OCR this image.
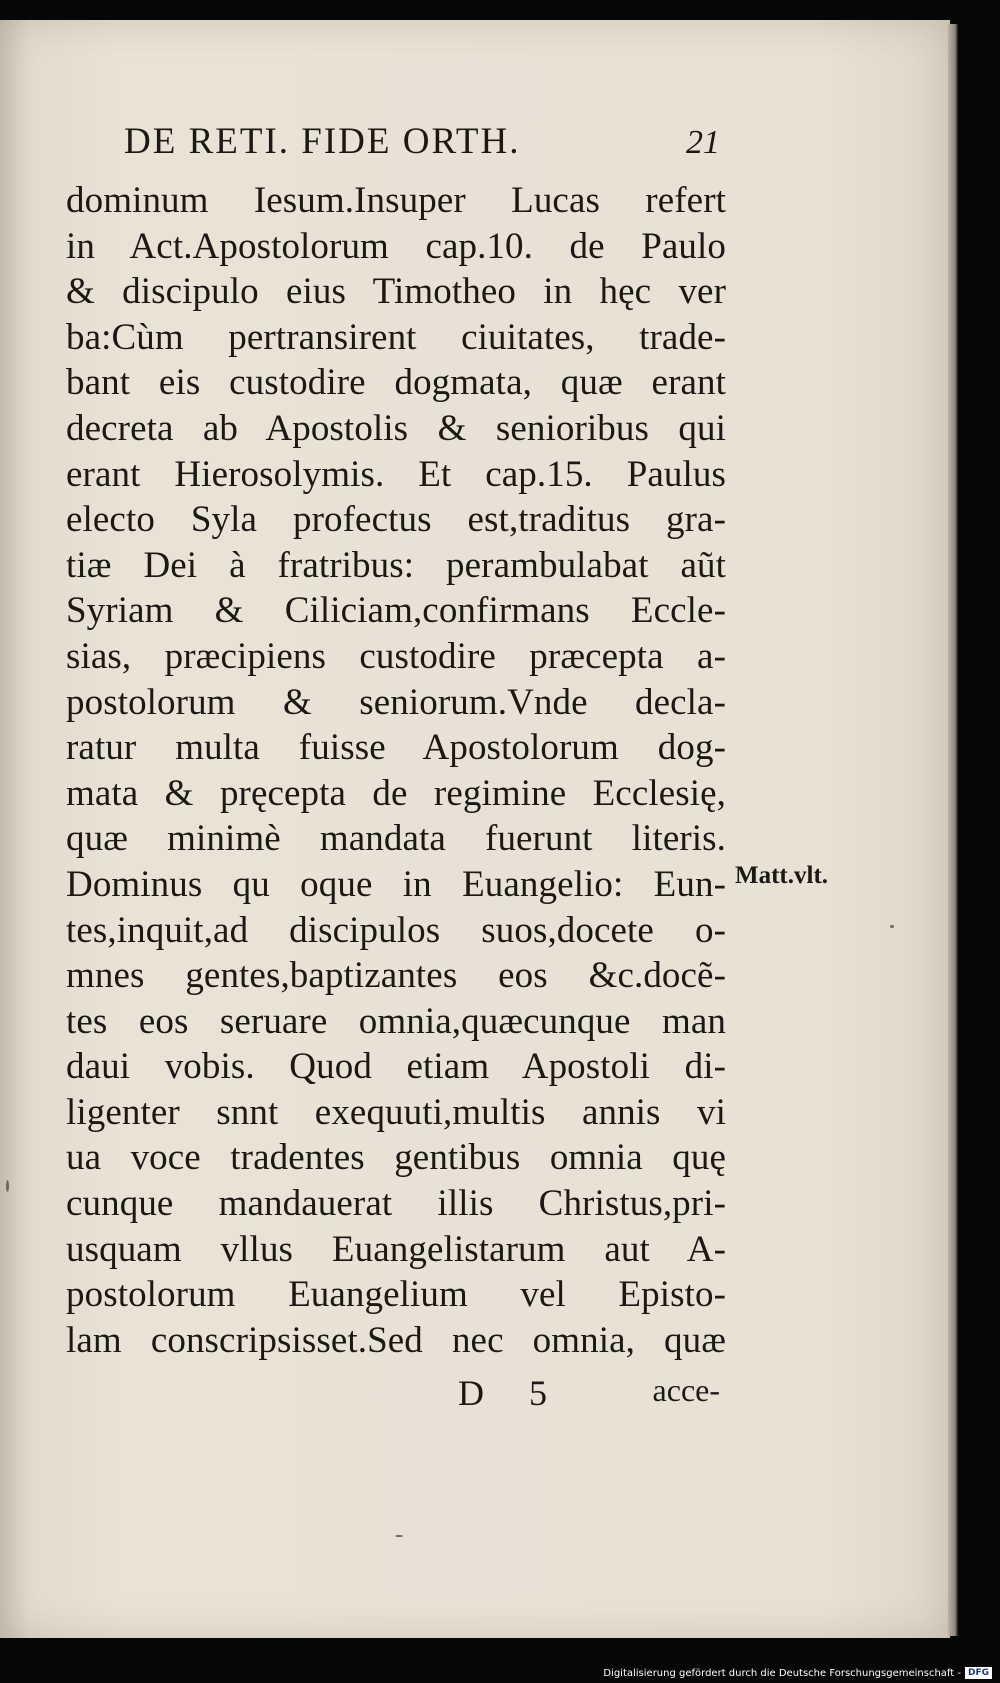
DE RETI. FIDE ORTH.	21
dominum Iesum.Insuper Lucas refert
in Act.Apostolorum cap.10. de Paulo
& discipulo eius Timotheo in hęc ver
ba:Cùm pertransirent ciuitates, trade-
bant eis custodire dogmata, quæ erant
decreta ab Apostolis & senioribus qui
erant Hierosolymis. Et cap.15. Paulus
electo Syla profectus est,traditus gra-
tiæ Dei à fratribus: perambulabat aũt
Syriam & Ciliciam,confirmans Eccle-
sias, præcipiens custodire præcepta a-
postolorum & seniorum.Vnde decla-
ratur multa fuisse Apostolorum dog-
mata & pręcepta de regimine Ecclesię,
quæ minimè mandata fuerunt literis.
Dominus qu oque in Euangelio: Eun-
tes,inquit,ad discipulos suos,docete o-
mnes gentes,baptizantes eos &c.docẽ-
tes eos seruare omnia,quæcunque man
daui vobis. Quod etiam Apostoli di-
ligenter snnt exequuti,multis annis vi
ua voce tradentes gentibus omnia quę
cunque mandauerat illis Christus,pri-
usquam vllus Euangelistarum aut A-
postolorum Euangelium vel Episto-
lam conscripsisset.Sed nec omnia, quæ
Matt.vlt.
D 5	acce-
Digitalisierung gefördert durch die Deutsche Forschungsgemeinschaft - DFG
